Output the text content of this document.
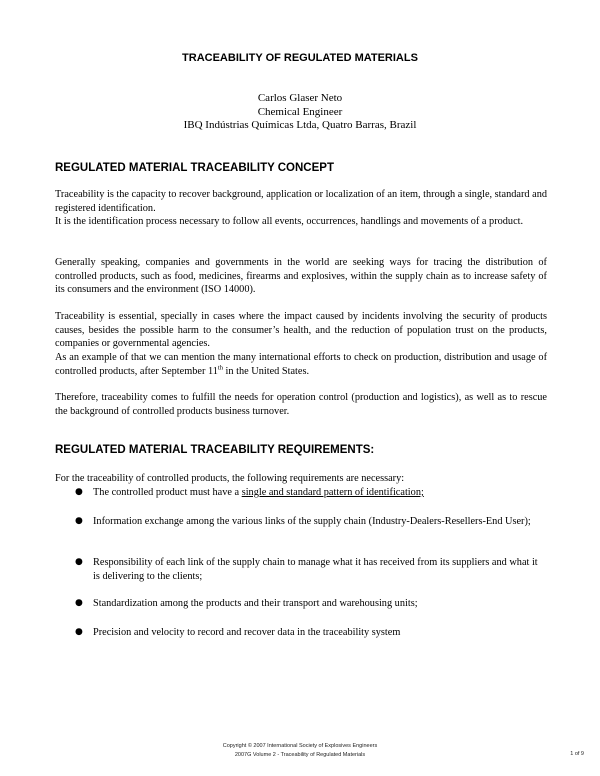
TRACEABILITY OF REGULATED MATERIALS
Carlos Glaser Neto
Chemical Engineer
IBQ Indústrias Químicas Ltda, Quatro Barras, Brazil
REGULATED MATERIAL TRACEABILITY CONCEPT

Traceability is the capacity to recover background, application or localization of an item, through a single, standard and registered identification.

It is the identification process necessary to follow all events, occurrences, handlings and movements of a product.

Generally speaking, companies and governments in the world are seeking ways for tracing the distribution of controlled products, such as food, medicines, firearms and explosives, within the supply chain as to increase safety of its consumers and the environment (ISO 14000).

Traceability is essential, specially in cases where the impact caused by incidents involving the security of products causes, besides the possible harm to the consumer’s health, and the reduction of population trust on the products, companies or governmental agencies.

As an example of that we can mention the many international efforts to check on production, distribution and usage of controlled products, after September 11th in the United States.

Therefore, traceability comes to fulfill the needs for operation control (production and logistics), as well as to rescue the background of controlled products business turnover.

REGULATED MATERIAL TRACEABILITY REQUIREMENTS:

For the traceability of controlled products, the following requirements are necessary:

● The controlled product must have a single and standard pattern of identification;
● Information exchange among the various links of the supply chain (Industry-Dealers-Resellers-End User);
● Responsibility of each link of the supply chain to manage what it has received from its suppliers and what it is delivering to the clients;
● Standardization among the products and their transport and warehousing units;
● Precision and velocity to record and recover data in the traceability system
Copyright © 2007 International Society of Explosives Engineers
2007G Volume 2 - Traceability of Regulated Materials	1 of 9
